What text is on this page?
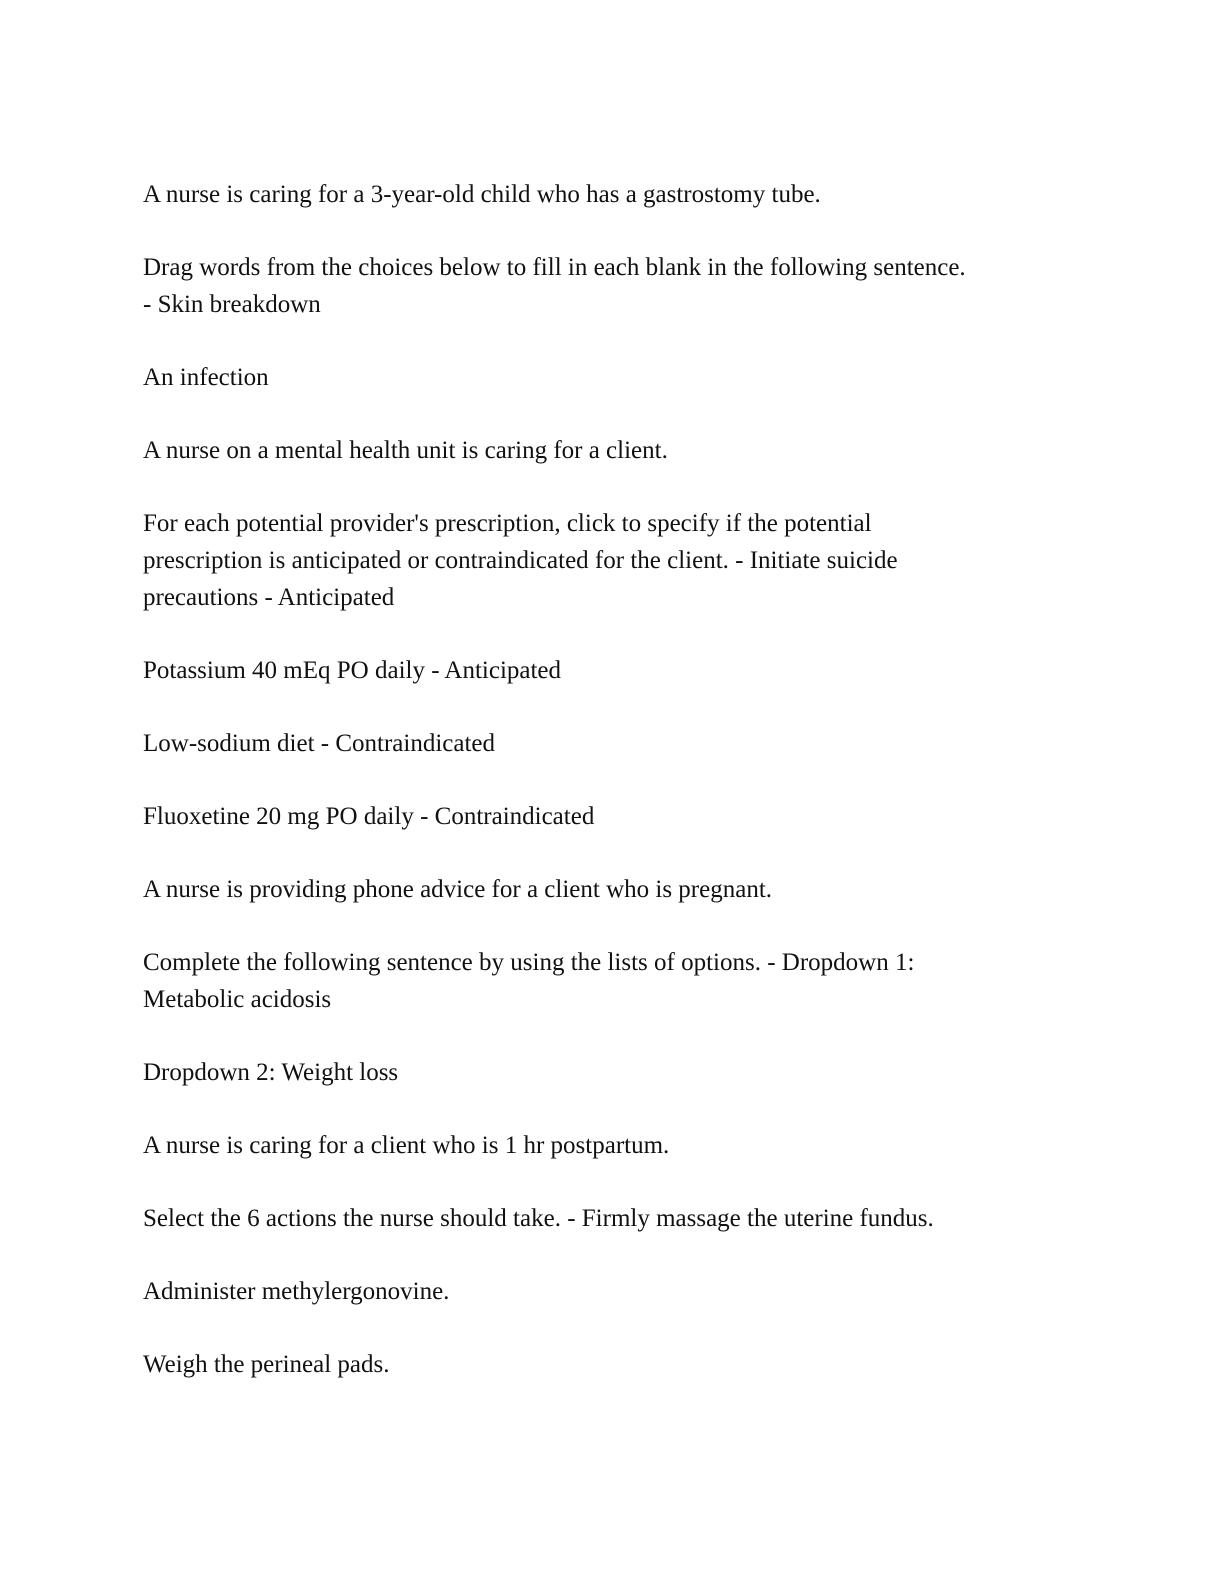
A nurse is caring for a 3-year-old child who has a gastrostomy tube.

Drag words from the choices below to fill in each blank in the following sentence.
- Skin breakdown

An infection

A nurse on a mental health unit is caring for a client.

For each potential provider's prescription, click to specify if the potential
prescription is anticipated or contraindicated for the client. - Initiate suicide
precautions - Anticipated

Potassium 40 mEq PO daily - Anticipated

Low-sodium diet - Contraindicated

Fluoxetine 20 mg PO daily - Contraindicated

A nurse is providing phone advice for a client who is pregnant.

Complete the following sentence by using the lists of options. - Dropdown 1:
Metabolic acidosis

Dropdown 2: Weight loss

A nurse is caring for a client who is 1 hr postpartum.

Select the 6 actions the nurse should take. - Firmly massage the uterine fundus.

Administer methylergonovine.

Weigh the perineal pads.
